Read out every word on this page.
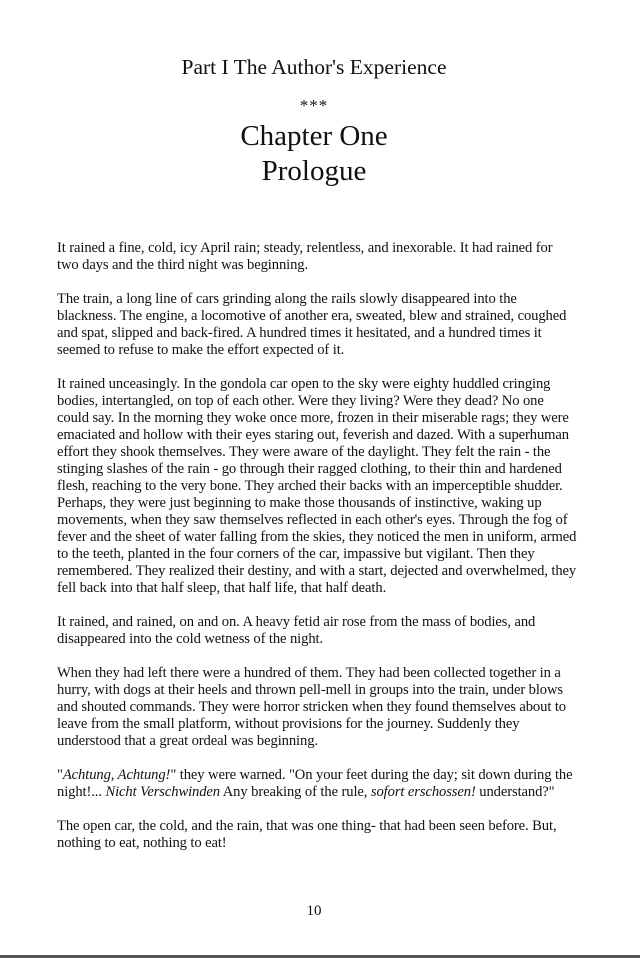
Part I The Author's Experience
***
Chapter One
Prologue

It rained a fine, cold, icy April rain; steady, relentless, and inexorable. It had rained for two days and the third night was beginning.

The train, a long line of cars grinding along the rails slowly disappeared into the blackness. The engine, a locomotive of another era, sweated, blew and strained, coughed and spat, slipped and back-fired. A hundred times it hesitated, and a hundred times it seemed to refuse to make the effort expected of it.

It rained unceasingly. In the gondola car open to the sky were eighty huddled cringing bodies, intertangled, on top of each other. Were they living? Were they dead? No one could say. In the morning they woke once more, frozen in their miserable rags; they were emaciated and hollow with their eyes staring out, feverish and dazed. With a superhuman effort they shook themselves. They were aware of the daylight. They felt the rain - the stinging slashes of the rain - go through their ragged clothing, to their thin and hardened flesh, reaching to the very bone. They arched their backs with an imperceptible shudder. Perhaps, they were just beginning to make those thousands of instinctive, waking up movements, when they saw themselves reflected in each other's eyes. Through the fog of fever and the sheet of water falling from the skies, they noticed the men in uniform, armed to the teeth, planted in the four corners of the car, impassive but vigilant. Then they remembered. They realized their destiny, and with a start, dejected and overwhelmed, they fell back into that half sleep, that half life, that half death.

It rained, and rained, on and on. A heavy fetid air rose from the mass of bodies, and disappeared into the cold wetness of the night.

When they had left there were a hundred of them. They had been collected together in a hurry, with dogs at their heels and thrown pell-mell in groups into the train, under blows and shouted commands. They were horror stricken when they found themselves about to leave from the small platform, without provisions for the journey. Suddenly they understood that a great ordeal was beginning.

"Achtung, Achtung!" they were warned. "On your feet during the day; sit down during the night!... Nicht Verschwinden Any breaking of the rule, sofort erschossen! understand?"

The open car, the cold, and the rain, that was one thing- that had been seen before. But, nothing to eat, nothing to eat!

10
